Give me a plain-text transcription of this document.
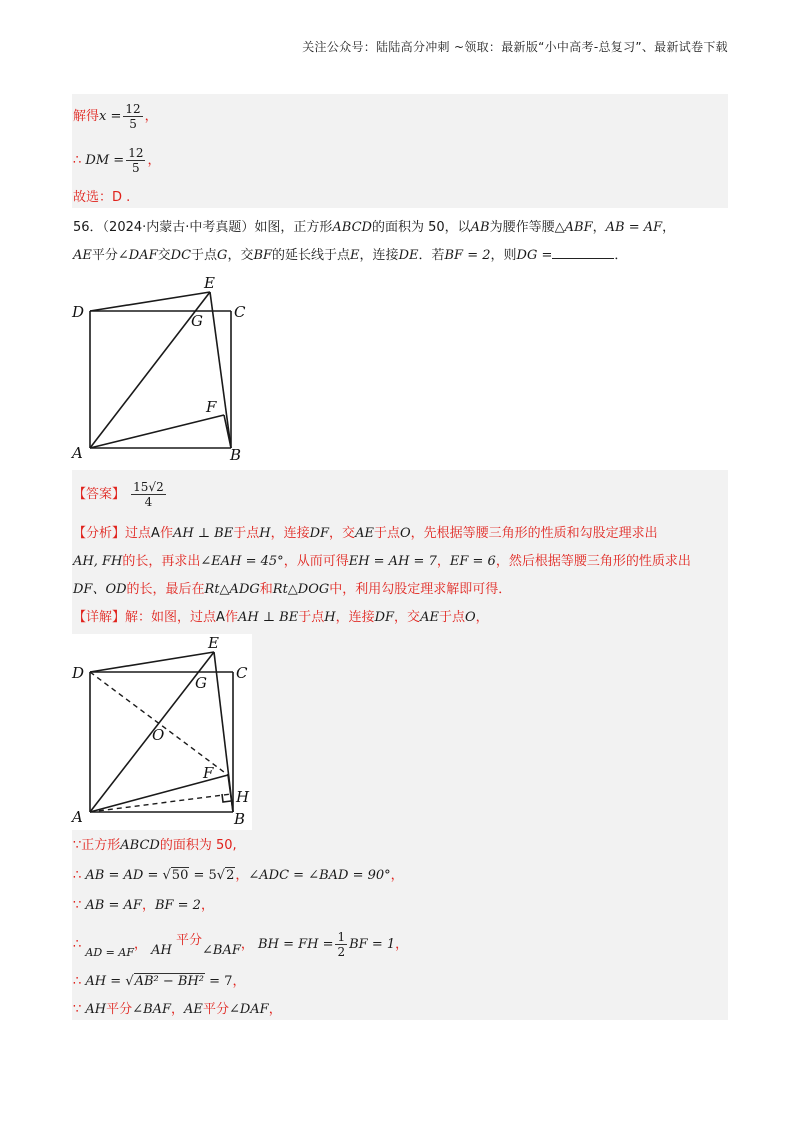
关注公众号：陆陆高分冲刺 ~领取：最新版“小中高考-总复习”、最新试卷下载
解得$x = \frac{12}{5}$ ，
∴ DM = $\frac{12}{5}$ ，
故选：D .
56．（2024·内蒙古·中考真题）如图，正方形ABCD的面积为 50，以AB为腰作等腰△ABF，AB = AF，
AE平分∠DAF交DC于点G，交BF的延长线于点E，连接DE．若BF = 2，则DG =	．
D	C
E
G
F
A	B
【答案】 $\frac{15√2}{4}$
【分析】过点A作AH ⊥ BE于点H，连接DF，交AE于点O，先根据等腰三角形的性质和勾股定理求出
AH, FH的长，再求出∠EAH = 45°，从而可得EH = AH = 7，EF = 6，然后根据等腰三角形的性质求出
DF、OD的长，最后在Rt△ADG和Rt△DOG中，利用勾股定理求解即可得．
【详解】解：如图，过点A作AH ⊥ BE于点H，连接DF，交AE于点O，
D	C
E
G
O
F
H
A	B
∵正方形ABCD的面积为 50,
∴ AB = AD = √50 = 5√2，∠ADC = ∠BAD = 90°，
∵ AB = AF，BF = 2，
∴ $_{AD = AF}$， AH 平分∠BAF， BH = FH = $\frac{1}{2}$ BF = 1，
∴ AH = √AB² − BH² = 7，
∵ AH平分∠BAF，AE平分∠DAF，
